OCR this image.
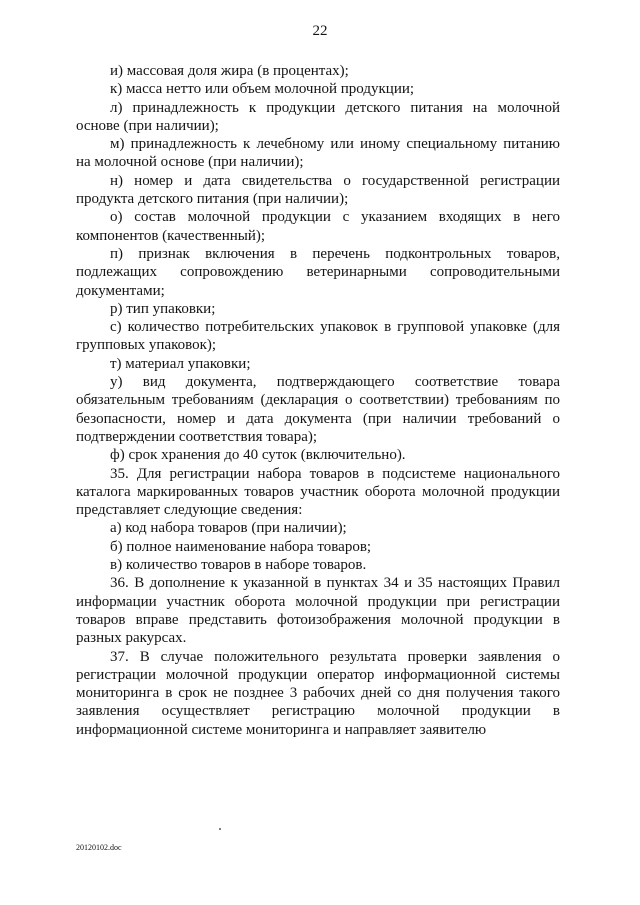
22

и) массовая доля жира (в процентах);

к) масса нетто или объем молочной продукции;

л) принадлежность к продукции детского питания на молочной основе (при наличии);

м) принадлежность к лечебному или иному специальному питанию на молочной основе (при наличии);

н) номер и дата свидетельства о государственной регистрации продукта детского питания (при наличии);

о) состав молочной продукции с указанием входящих в него компонентов (качественный);

п) признак включения в перечень подконтрольных товаров, подлежащих сопровождению ветеринарными сопроводительными документами;

р) тип упаковки;

с) количество потребительских упаковок в групповой упаковке (для групповых упаковок);

т) материал упаковки;

у) вид документа, подтверждающего соответствие товара обязательным требованиям (декларация о соответствии) требованиям по безопасности, номер и дата документа (при наличии требований о подтверждении соответствия товара);

ф) срок хранения до 40 суток (включительно).

35. Для регистрации набора товаров в подсистеме национального каталога маркированных товаров участник оборота молочной продукции представляет следующие сведения:

а) код набора товаров (при наличии);

б) полное наименование набора товаров;

в) количество товаров в наборе товаров.

36. В дополнение к указанной в пунктах 34 и 35 настоящих Правил информации участник оборота молочной продукции при регистрации товаров вправе представить фотоизображения молочной продукции в разных ракурсах.

37. В случае положительного результата проверки заявления о регистрации молочной продукции оператор информационной системы мониторинга в срок не позднее 3 рабочих дней со дня получения такого заявления осуществляет регистрацию молочной продукции в информационной системе мониторинга и направляет заявителю

20120102.doc
